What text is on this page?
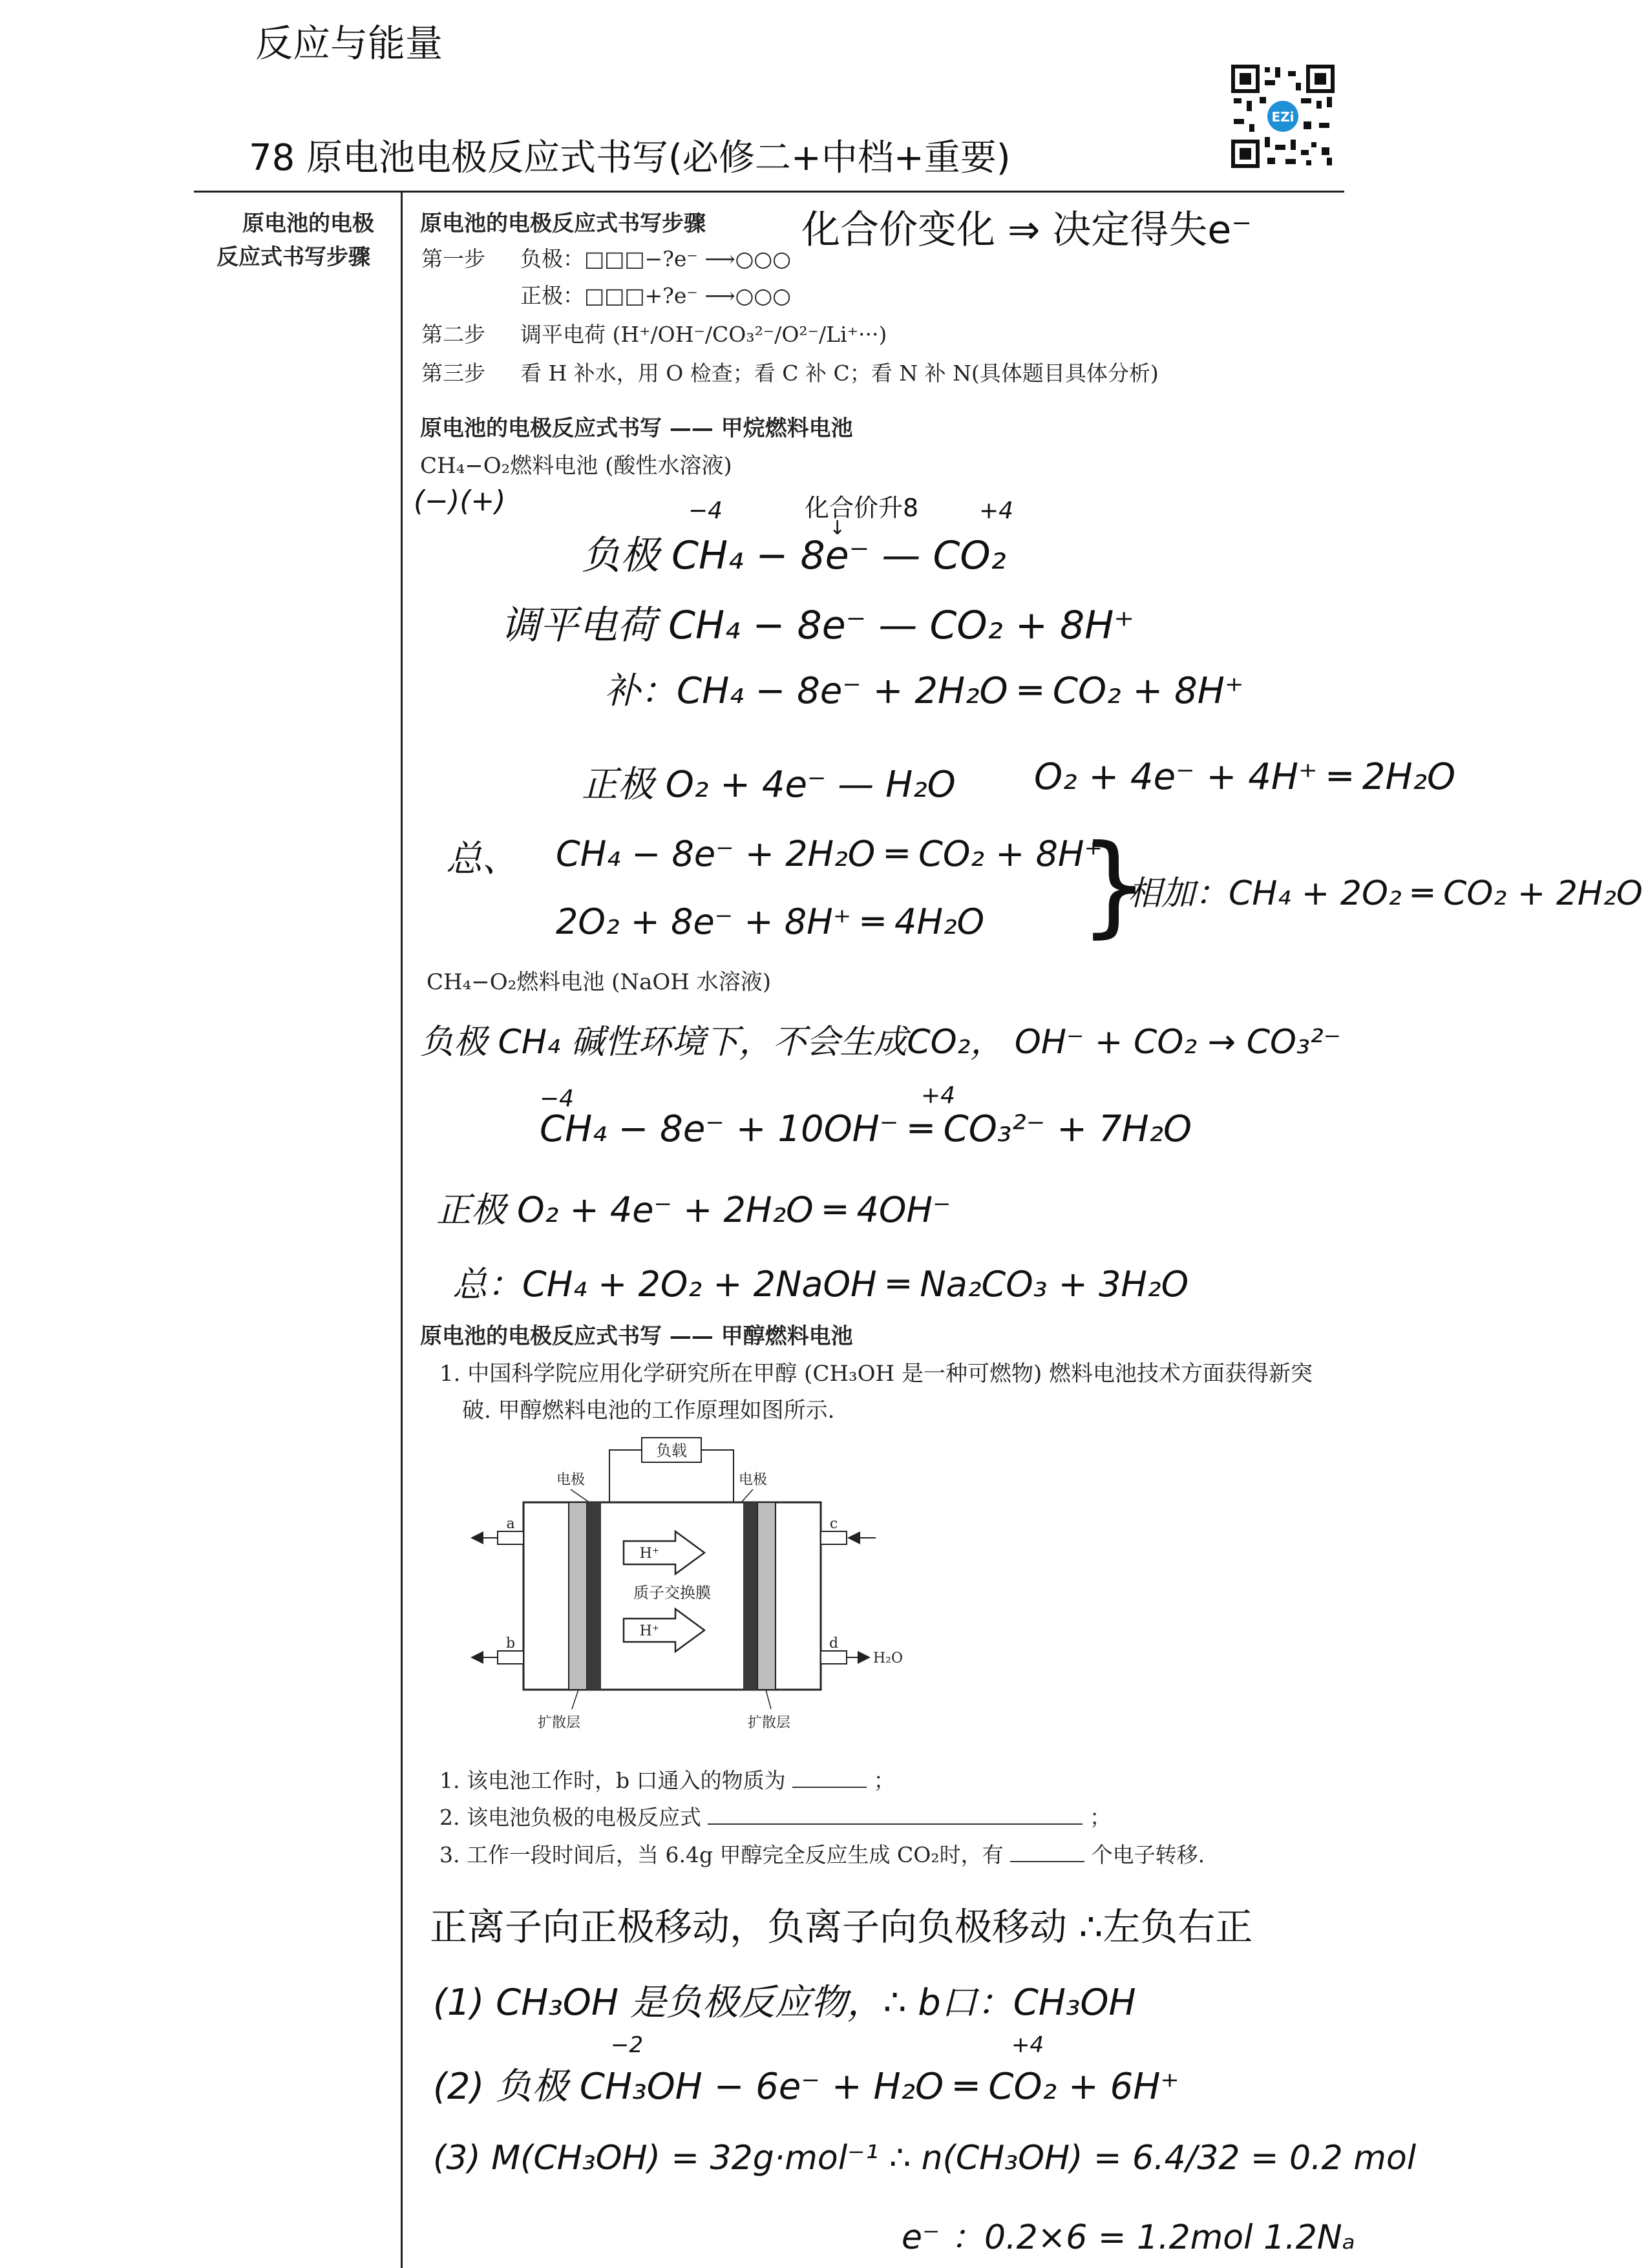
反应与能量
78 原电池电极反应式书写(必修二+中档+重要)
EZi
原电池的电极
反应式书写步骤
原电池的电极反应式书写步骤 化合价变化 ⇒ 决定得失e⁻
第一步 负极：□□□−?e⁻ ⟶○○○
正极：□□□+?e⁻ ⟶○○○
第二步 调平电荷 (H⁺/OH⁻/CO₃²⁻/O²⁻/Li⁺···)
第三步 看 H 补水，用 O 检查；看 C 补 C；看 N 补 N(具体题目具体分析)
原电池的电极反应式书写 —— 甲烷燃料电池
CH₄−O₂燃料电池 (酸性水溶液)
(−)(+)	−4	化合价升8
↓
+4
负极 CH₄ − 8e⁻ — CO₂
调平电荷 CH₄ − 8e⁻ — CO₂ + 8H⁺
补：CH₄ − 8e⁻ + 2H₂O ═ CO₂ + 8H⁺
正极 O₂ + 4e⁻ — H₂O O₂ + 4e⁻ + 4H⁺ ═ 2H₂O
总、 CH₄ − 8e⁻ + 2H₂O ═ CO₂ + 8H⁺
2O₂ + 8e⁻ + 8H⁺ ═ 4H₂O }
相加：CH₄ + 2O₂ ═ CO₂ + 2H₂O
CH₄−O₂燃料电池 (NaOH 水溶液)
负极 CH₄ 碱性环境下，不会生成CO₂， OH⁻ + CO₂ → CO₃²⁻
−4	+4
CH₄ − 8e⁻ + 10OH⁻ ═ CO₃²⁻ + 7H₂O
正极 O₂ + 4e⁻ + 2H₂O ═ 4OH⁻
总：CH₄ + 2O₂ + 2NaOH ═ Na₂CO₃ + 3H₂O
原电池的电极反应式书写 —— 甲醇燃料电池
1. 中国科学院应用化学研究所在甲醇 (CH₃OH 是一种可燃物) 燃料电池技术方面获得新突
破. 甲醇燃料电池的工作原理如图所示.
负载
电极	电极
a
b
c
d
H₂O
H⁺
H⁺
质子交换膜
扩散层	扩散层
1. 该电池工作时，b 口通入的物质为	；
2. 该电池负极的电极反应式	；
3. 工作一段时间后，当 6.4g 甲醇完全反应生成 CO₂时，有	个电子转移.
正离子向正极移动，负离子向负极移动 ∴左负右正
(1) CH₃OH 是负极反应物，∴ b口：CH₃OH
−2	+4
(2) 负极 CH₃OH − 6e⁻ + H₂O ═ CO₂ + 6H⁺
(3) M(CH₃OH) = 32g·mol⁻¹ ∴ n(CH₃OH) = 6.4/32 = 0.2 mol
e⁻ ：0.2×6 = 1.2mol 1.2Nₐ
